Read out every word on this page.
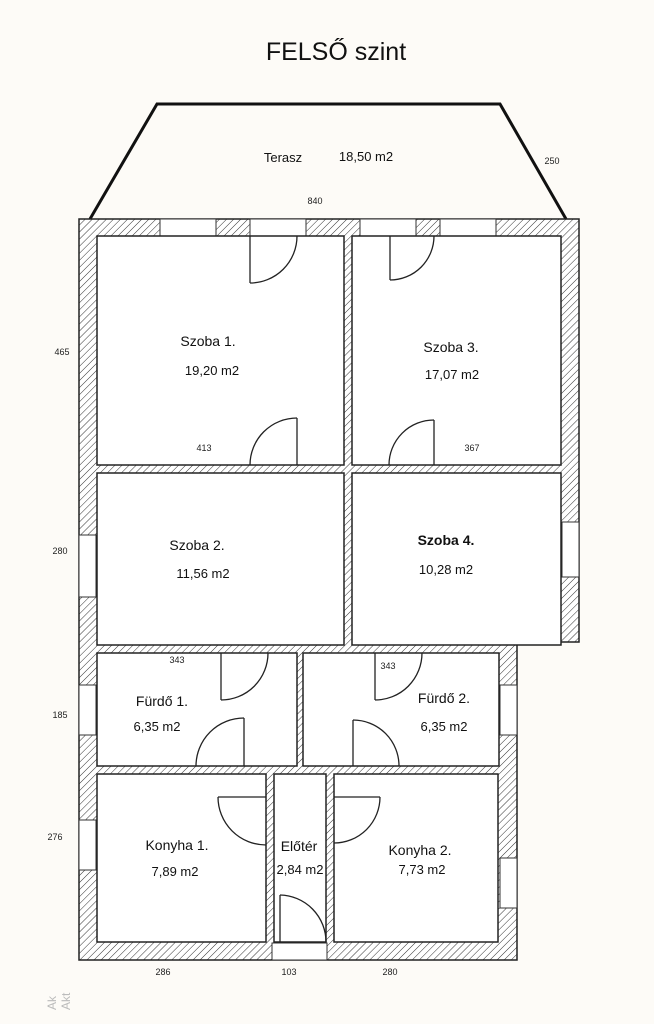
FELSŐ szint
Terasz	18,50 m2
840
250
Szoba 1.
19,20 m2
Szoba 3.
17,07 m2
Szoba 2.
11,56 m2
Szoba 4.
10,28 m2
Fürdő 1.
6,35 m2
Fürdő 2.
6,35 m2
Konyha 1.
7,89 m2
Előtér
2,84 m2
Konyha 2.
7,73 m2
465
280
185
276
413	367
343
343
286	103	280
Ak Akt
